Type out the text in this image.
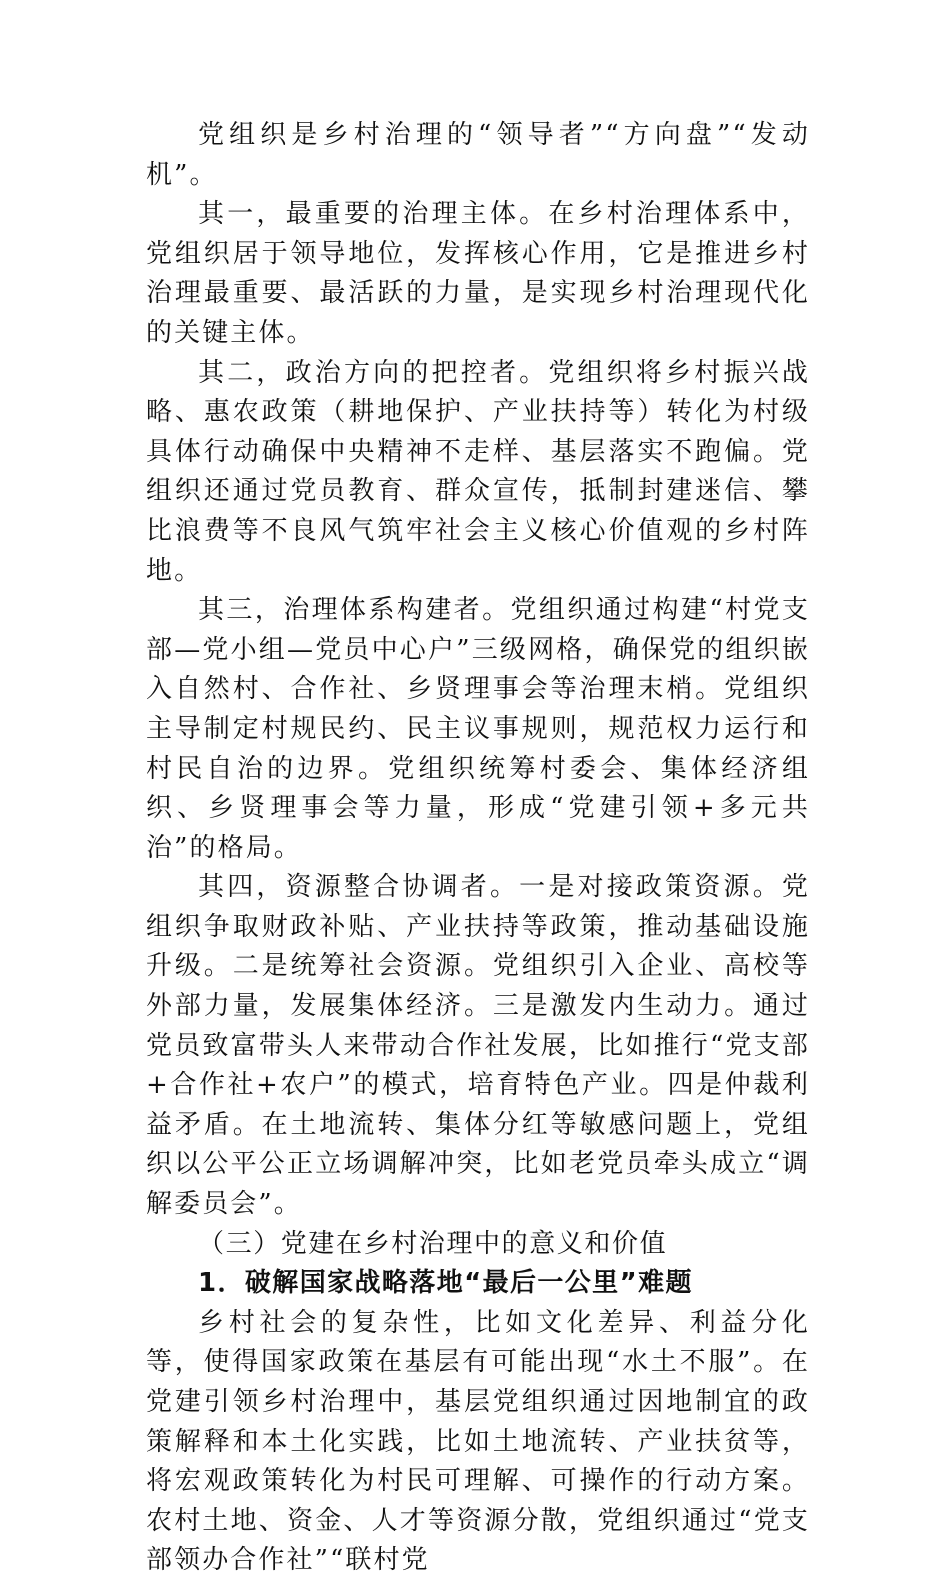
党组织是乡村治理的“领导者”“方向盘”“发动机”。

其一，最重要的治理主体。在乡村治理体系中，党组织居于领导地位，发挥核心作用，它是推进乡村治理最重要、最活跃的力量，是实现乡村治理现代化的关键主体。

其二，政治方向的把控者。党组织将乡村振兴战略、惠农政策（耕地保护、产业扶持等）转化为村级具体行动确保中央精神不走样、基层落实不跑偏。党组织还通过党员教育、群众宣传，抵制封建迷信、攀比浪费等不良风气筑牢社会主义核心价值观的乡村阵地。

其三，治理体系构建者。党组织通过构建“村党支部—党小组—党员中心户”三级网格，确保党的组织嵌入自然村、合作社、乡贤理事会等治理末梢。党组织主导制定村规民约、民主议事规则，规范权力运行和村民自治的边界。党组织统筹村委会、集体经济组织、乡贤理事会等力量，形成“党建引领+多元共治”的格局。

其四，资源整合协调者。一是对接政策资源。党组织争取财政补贴、产业扶持等政策，推动基础设施升级。二是统筹社会资源。党组织引入企业、高校等外部力量，发展集体经济。三是激发内生动力。通过党员致富带头人来带动合作社发展，比如推行“党支部+合作社+农户”的模式，培育特色产业。四是仲裁利益矛盾。在土地流转、集体分红等敏感问题上，党组织以公平公正立场调解冲突，比如老党员牵头成立“调解委员会”。

（三）党建在乡村治理中的意义和价值

1．破解国家战略落地“最后一公里”难题

乡村社会的复杂性，比如文化差异、利益分化等，使得国家政策在基层有可能出现“水土不服”。在党建引领乡村治理中，基层党组织通过因地制宜的政策解释和本土化实践，比如土地流转、产业扶贫等，将宏观政策转化为村民可理解、可操作的行动方案。农村土地、资金、人才等资源分散，党组织通过“党支部领办合作社”“联村党
